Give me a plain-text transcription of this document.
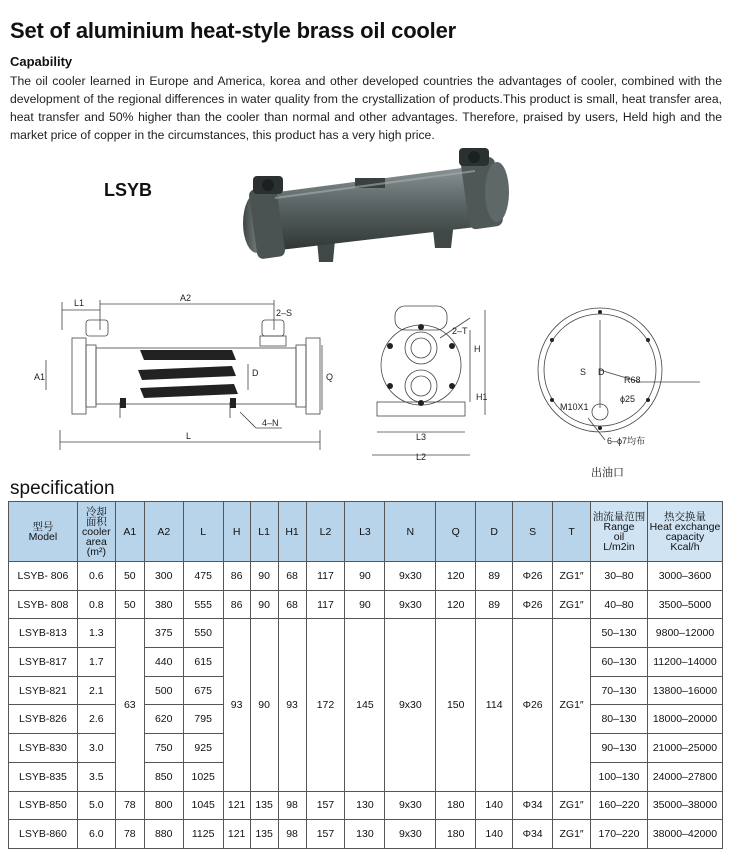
Set of aluminium heat-style brass oil cooler
Capability
The oil cooler learned in Europe and America, korea and other developed countries the advantages of cooler, combined with the development of the regional differences in water quality from the crystallization of products.This product is small, heat transfer area, heat transfer and 50% higher than the cooler than normal and other advantages. Therefore, praised by users, Held high and the market price of copper in the circumstances, this product has a very high price.
LSYB
L1	A2
2–S
A1	D	Q
4–N
L
2–T
H
H1
L3
L2
S D
R68
ϕ25
M10X1
6–ϕ7均布
出油口
specification
型号
Model	冷却
面积
cooler
area
(m²)	A1	A2	L	H	L1	H1	L2	L3	N	Q	D	S	T	油流量范围
Range
oil
L/m2in	热交换量
Heat exchange
capacity
Kcal/h
LSYB- 806	0.6	50	300	475	86	90	68	117	90	9x30	120	89	Φ26	ZG1″	30–80	3000–3600
LSYB- 808	0.8	50	380	555	86	90	68	117	90	9x30	120	89	Φ26	ZG1″	40–80	3500–5000
LSYB-813	1.3	63	375	550	93	90	93	172	145	9x30	150	114	Φ26	ZG1″	50–130	9800–12000
LSYB-817	1.7		440	615											60–130	11200–14000
LSYB-821	2.1		500	675											70–130	13800–16000
LSYB-826	2.6		620	795											80–130	18000–20000
LSYB-830	3.0		750	925											90–130	21000–25000
LSYB-835	3.5		850	1025											100–130	24000–27800
LSYB-850	5.0	78	800	1045	121	135	98	157	130	9x30	180	140	Φ34	ZG1″	160–220	35000–38000
LSYB-860	6.0	78	880	1125	121	135	98	157	130	9x30	180	140	Φ34	ZG1″	170–220	38000–42000
